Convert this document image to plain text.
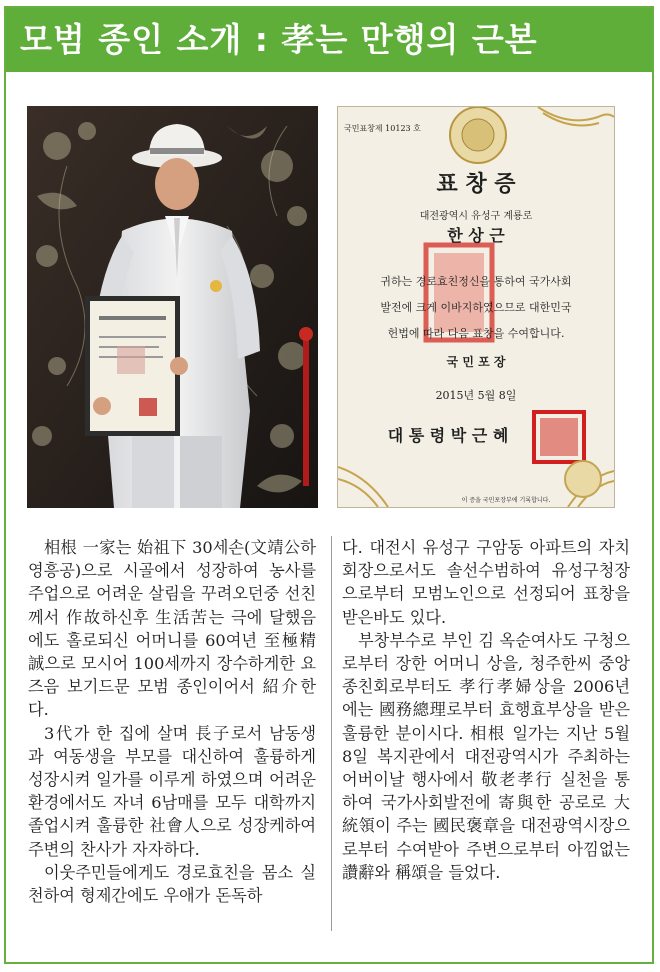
모범 종인 소개 : 孝는 만행의 근본
국민표창제 10123 호
표 창 증
대전광역시 유성구 계룡로
한 상 근
귀하는 경로효친정신을 통하여 국가사회
발전에 크게 이바지하였으므로 대한민국
헌법에 따라 다음 표창을 수여합니다.
국 민 포 장
2015년 5월 8일
대 통 령 박 근 혜
이 증을 국민포장부에 기록합니다.

相根 一家는 始祖下 30세손(文靖公하 영흥공)으로 시골에서 성장하여 농사를 주업으로 어려운 살림을 꾸려오던중 선친께서 作故하신후 生活苦는 극에 달했음에도 홀로되신 어머니를 60여년 至極精誠으로 모시어 100세까지 장수하게한 요즈음 보기드문 모범 종인이어서 紹介한다.

3代가 한 집에 살며 長子로서 남동생과 여동생을 부모를 대신하여 훌륭하게 성장시켜 일가를 이루게 하였으며 어려운 환경에서도 자녀 6남매를 모두 대학까지 졸업시켜 훌륭한 社會人으로 성장케하여 주변의 찬사가 자자하다.

이웃주민들에게도 경로효친을 몸소 실천하여 형제간에도 우애가 돈독하

다. 대전시 유성구 구암동 아파트의 자치회장으로서도 솔선수범하여 유성구청장으로부터 모범노인으로 선정되어 표창을 받은바도 있다.

부창부수로 부인 김 옥순여사도 구청으로부터 장한 어머니 상을, 청주한씨 중앙종친회로부터도 孝行孝婦상을 2006년에는 國務總理로부터 효행효부상을 받은 훌륭한 분이시다. 相根 일가는 지난 5월 8일 복지관에서 대전광역시가 주최하는 어버이날 행사에서 敬老孝行 실천을 통하여 국가사회발전에 寄與한 공로로 大統領이 주는 國民褒章을 대전광역시장으로부터 수여받아 주변으로부터 아낌없는 讚辭와 稱頌을 들었다.
